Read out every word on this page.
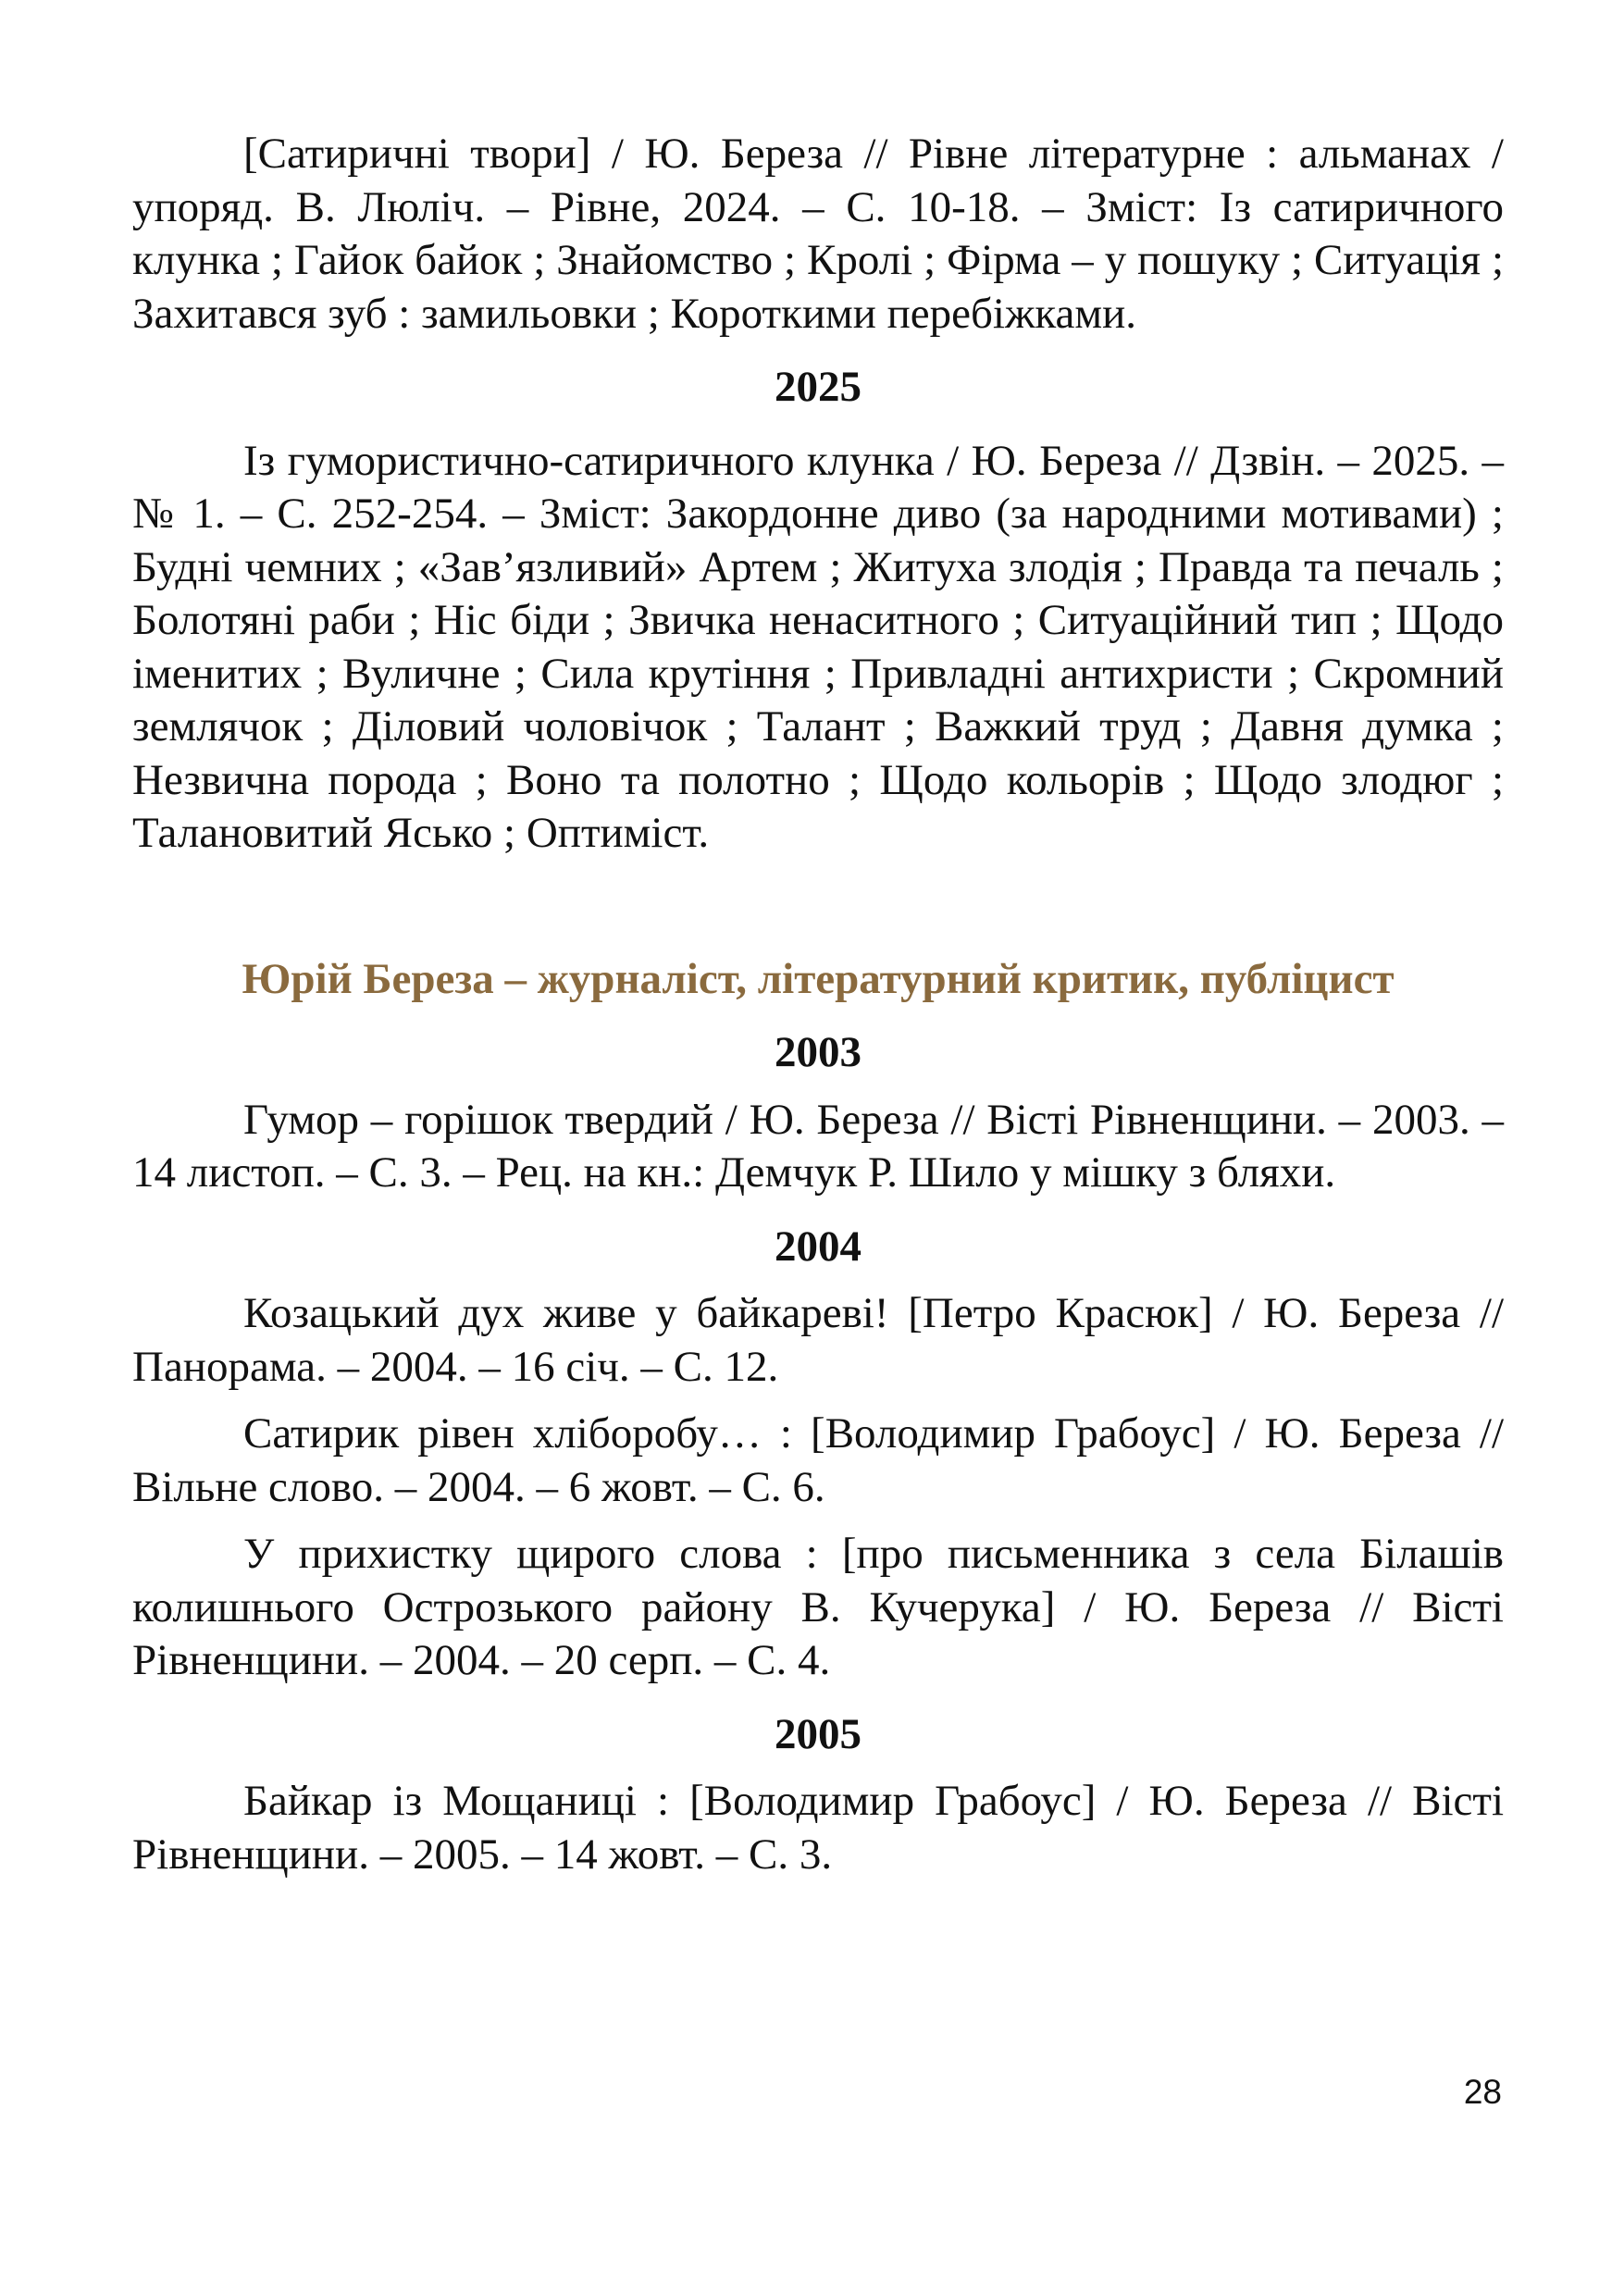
[Сатиричні твори] / Ю. Береза // Рівне літературне : альманах / упоряд. В. Люліч. – Рівне, 2024. – С. 10-18. – Зміст: Із сатиричного клунка ; Гайок байок ; Знайомство ; Кролі ; Фірма – у пошуку ; Ситуація ; Захитався зуб : замильовки ; Короткими перебіжками.

2025

Із гумористично-сатиричного клунка / Ю. Береза // Дзвін. – 2025. – № 1. – С. 252-254. – Зміст: Закордонне диво (за народними мотивами) ; Будні чемних ; «Зав’язливий» Артем ; Житуха злодія ; Правда та печаль ; Болотяні раби ; Ніс біди ; Звичка ненаситного ; Ситуаційний тип ; Щодо іменитих ; Вуличне ; Сила крутіння ; Привладні антихристи ; Скромний землячок ; Діловий чоловічок ; Талант ; Важкий труд ; Давня думка ; Незвична порода ; Воно та полотно ; Щодо кольорів ; Щодо злодюг ; Талановитий Ясько ; Оптиміст.

Юрій Береза – журналіст, літературний критик, публіцист

2003

Гумор – горішок твердий / Ю. Береза // Вісті Рівненщини. – 2003. – 14 листоп. – С. 3. – Рец. на кн.: Демчук Р. Шило у мішку з бляхи.

2004

Козацький дух живе у байкареві! [Петро Красюк] / Ю. Береза // Панорама. – 2004. – 16 січ. – С. 12.

Сатирик рівен хліборобу… : [Володимир Грабоус] / Ю. Береза // Вільне слово. – 2004. – 6 жовт. – С. 6.

У прихистку щирого слова : [про письменника з села Білашів колишнього Острозького району В. Кучерука] / Ю. Береза // Вісті Рівненщини. – 2004. – 20 серп. – С. 4.

2005

Байкар із Мощаниці : [Володимир Грабоус] / Ю. Береза // Вісті Рівненщини. – 2005. – 14 жовт. – С. 3.

28
